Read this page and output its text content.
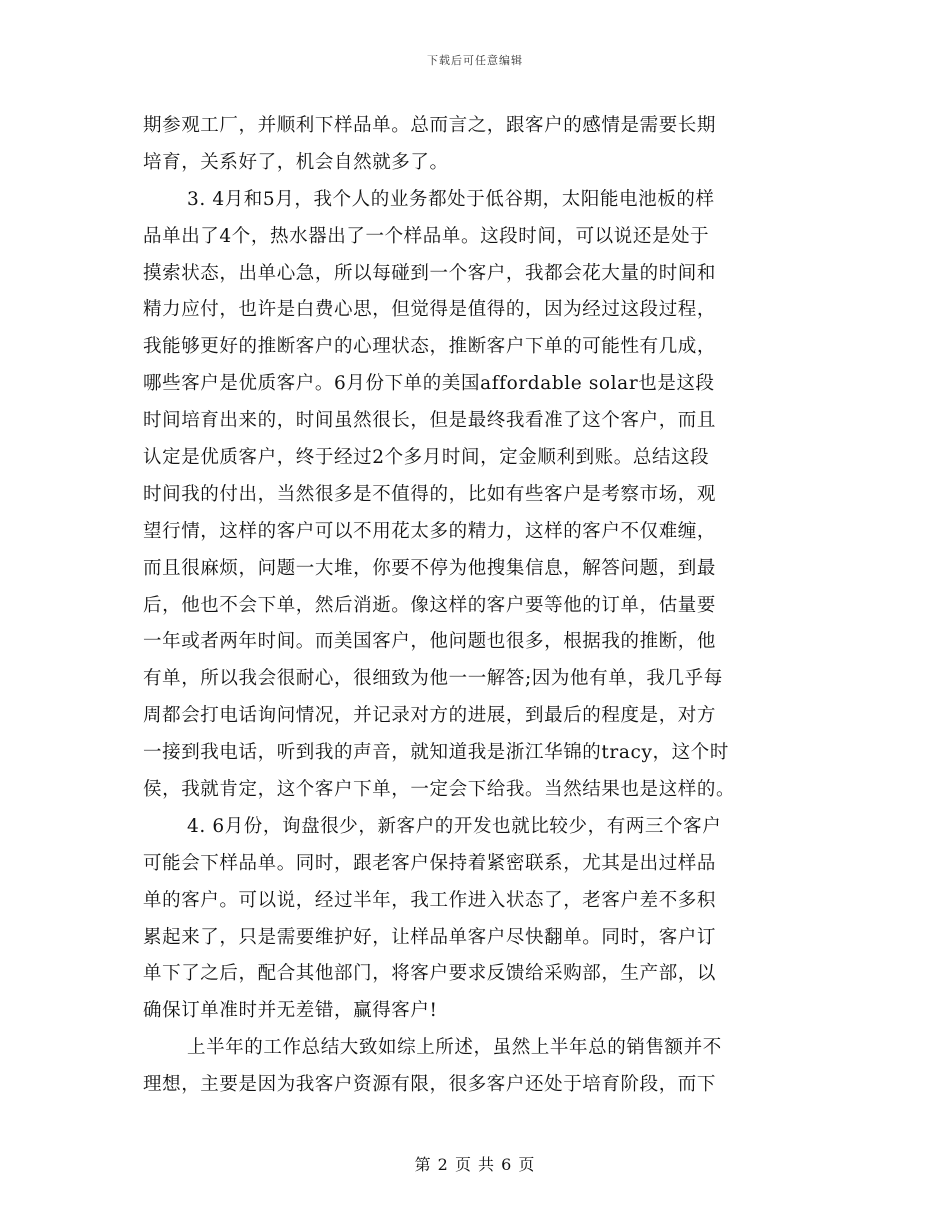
下载后可任意编辑
期参观工厂，并顺利下样品单。总而言之，跟客户的感情是需要长期
培育，关系好了，机会自然就多了。
3. 4月和5月，我个人的业务都处于低谷期，太阳能电池板的样
品单出了4个，热水器出了一个样品单。这段时间，可以说还是处于
摸索状态，出单心急，所以每碰到一个客户，我都会花大量的时间和
精力应付，也许是白费心思，但觉得是值得的，因为经过这段过程，
我能够更好的推断客户的心理状态，推断客户下单的可能性有几成，
哪些客户是优质客户。6月份下单的美国affordable solar也是这段
时间培育出来的，时间虽然很长，但是最终我看准了这个客户，而且
认定是优质客户，终于经过2个多月时间，定金顺利到账。总结这段
时间我的付出，当然很多是不值得的，比如有些客户是考察市场，观
望行情，这样的客户可以不用花太多的精力，这样的客户不仅难缠，
而且很麻烦，问题一大堆，你要不停为他搜集信息，解答问题，到最
后，他也不会下单，然后消逝。像这样的客户要等他的订单，估量要
一年或者两年时间。而美国客户，他问题也很多，根据我的推断，他
有单，所以我会很耐心，很细致为他一一解答;因为他有单，我几乎每
周都会打电话询问情况，并记录对方的进展，到最后的程度是，对方
一接到我电话，听到我的声音，就知道我是浙江华锦的tracy，这个时
侯，我就肯定，这个客户下单，一定会下给我。当然结果也是这样的。
4. 6月份，询盘很少，新客户的开发也就比较少，有两三个客户
可能会下样品单。同时，跟老客户保持着紧密联系，尤其是出过样品
单的客户。可以说，经过半年，我工作进入状态了，老客户差不多积
累起来了，只是需要维护好，让样品单客户尽快翻单。同时，客户订
单下了之后，配合其他部门，将客户要求反馈给采购部，生产部，以
确保订单准时并无差错，赢得客户!
上半年的工作总结大致如综上所述，虽然上半年总的销售额并不
理想，主要是因为我客户资源有限，很多客户还处于培育阶段，而下
第 2 页 共 6 页
